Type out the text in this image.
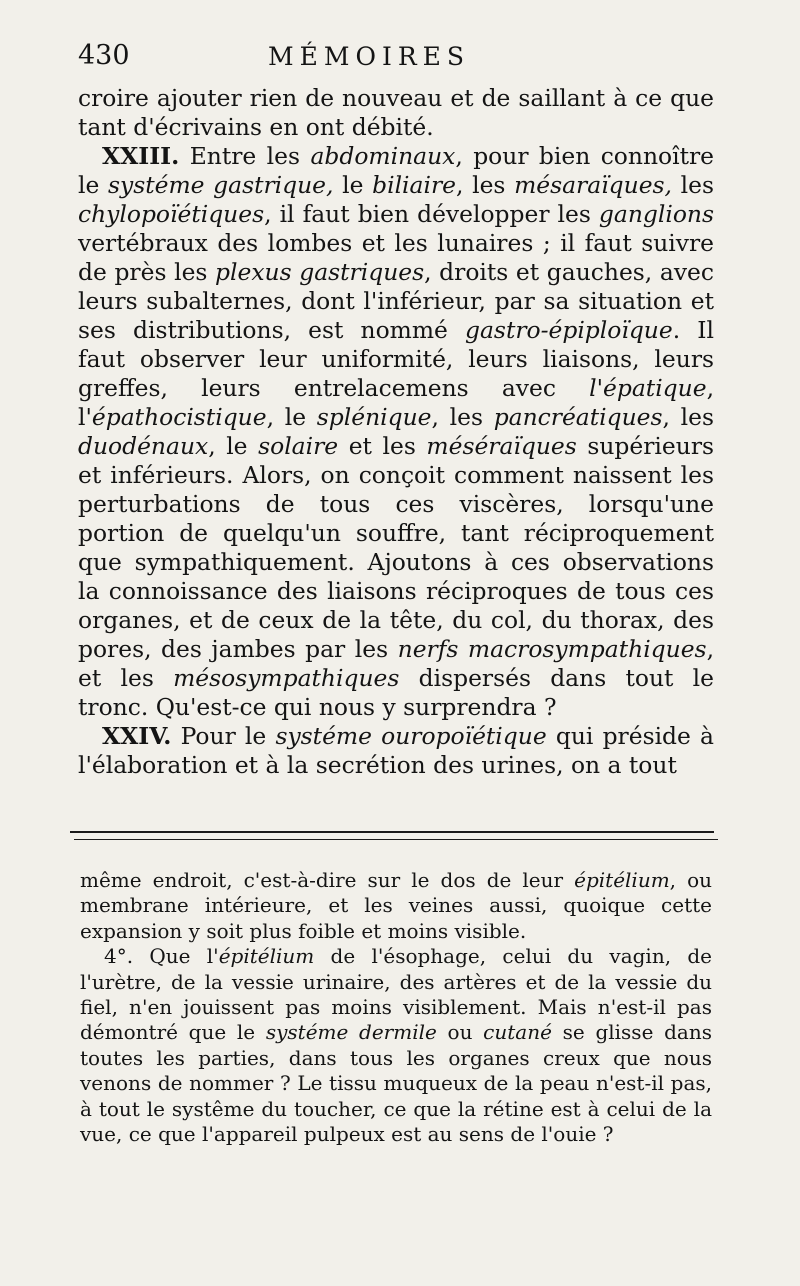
430	MÉMOIRES

croire ajouter rien de nouveau et de saillant à ce que tant d'écrivains en ont débité.

XXIII. Entre les abdominaux, pour bien connoître le systéme gastrique, le biliaire, les mésaraïques, les chylopoïétiques, il faut bien développer les ganglions vertébraux des lombes et les lunaires ; il faut suivre de près les plexus gastriques, droits et gauches, avec leurs subalternes, dont l'inférieur, par sa situation et ses distributions, est nommé gastro-épiploïque. Il faut observer leur uniformité, leurs liaisons, leurs greffes, leurs entrelacemens avec l'épatique, l'épathocistique, le splénique, les pancréatiques, les duodénaux, le solaire et les méséraïques supérieurs et inférieurs. Alors, on conçoit comment naissent les perturbations de tous ces viscères, lorsqu'une portion de quelqu'un souffre, tant réciproquement que sympathiquement. Ajoutons à ces observations la connoissance des liaisons réciproques de tous ces organes, et de ceux de la tête, du col, du thorax, des pores, des jambes par les nerfs macrosympathiques, et les mésosympathiques dispersés dans tout le tronc. Qu'est-ce qui nous y surprendra ?

XXIV. Pour le systéme ouropoïétique qui préside à l'élaboration et à la secrétion des urines, on a tout

même endroit, c'est-à-dire sur le dos de leur épitélium, ou membrane intérieure, et les veines aussi, quoique cette expansion y soit plus foible et moins visible.

4°. Que l'épitélium de l'ésophage, celui du vagin, de l'urètre, de la vessie urinaire, des artères et de la vessie du fiel, n'en jouissent pas moins visiblement. Mais n'est-il pas démontré que le systéme dermile ou cutané se glisse dans toutes les parties, dans tous les organes creux que nous venons de nommer ? Le tissu muqueux de la peau n'est-il pas, à tout le systême du toucher, ce que la rétine est à celui de la vue, ce que l'appareil pulpeux est au sens de l'ouie ?
